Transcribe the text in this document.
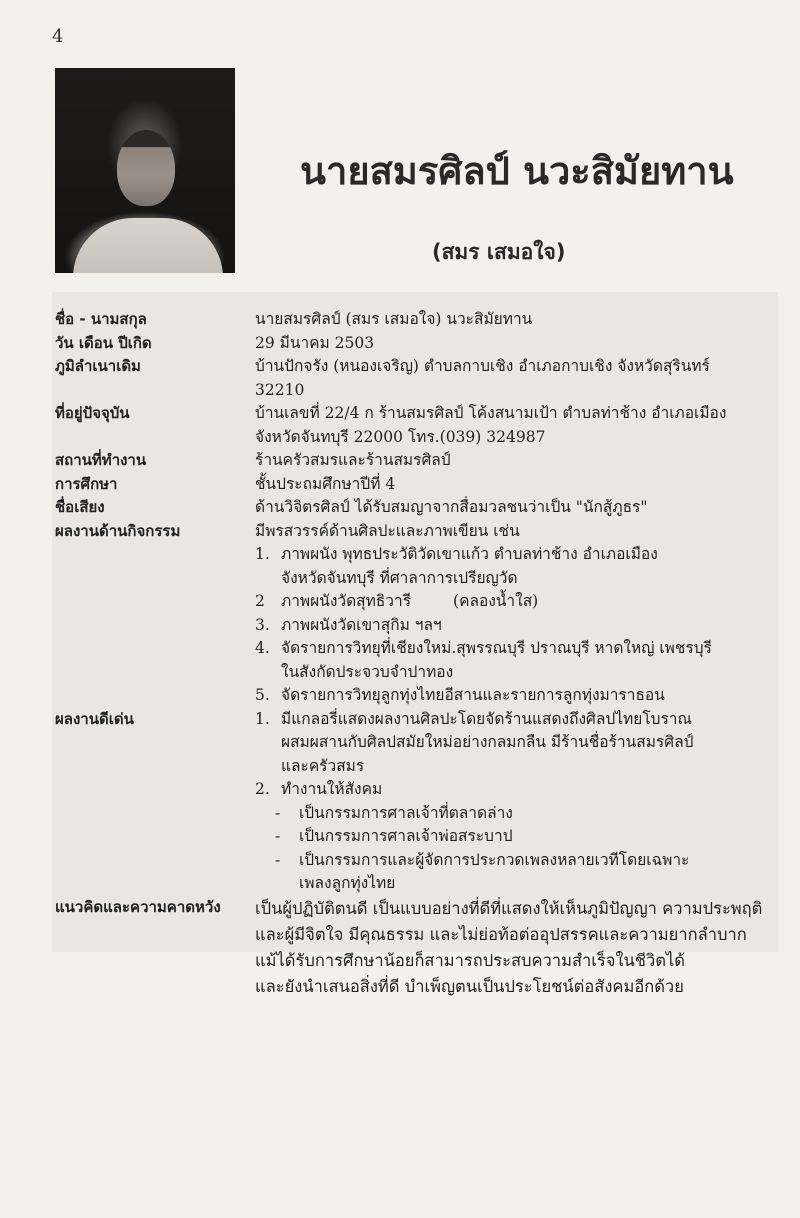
4
นายสมรศิลป์ นวะสิมัยทาน
(สมร เสมอใจ)
ชื่อ - นามสกุล	นายสมรศิลป์ (สมร เสมอใจ) นวะสิมัยทาน
วัน เดือน ปีเกิด	29 มีนาคม 2503
ภูมิลำเนาเดิม	บ้านปักจรัง (หนองเจริญ) ตำบลกาบเชิง อำเภอกาบเชิง จังหวัดสุรินทร์

32210

ที่อยู่ปัจจุบัน	บ้านเลขที่ 22/4 ก ร้านสมรศิลป์ โค้งสนามเป้า ตำบลท่าช้าง อำเภอเมือง

จังหวัดจันทบุรี 22000 โทร.(039) 324987

สถานที่ทำงาน	ร้านครัวสมรและร้านสมรศิลป์
การศึกษา	ชั้นประถมศึกษาปีที่ 4
ชื่อเสียง	ด้านวิจิตรศิลป์ ได้รับสมญาจากสื่อมวลชนว่าเป็น "นักสู้ภูธร"
ผลงานด้านกิจกรรม	มีพรสวรรค์ด้านศิลปะและภาพเขียน เช่น

1. ภาพผนัง พุทธประวัติวัดเขาแก้ว ตำบลท่าช้าง อำเภอเมือง

จังหวัดจันทบุรี ที่ศาลาการเปรียญวัด

2	ภาพผนังวัดสุทธิวารี	(คลองน้ำใส)

3. ภาพผนังวัดเขาสุกิม ฯลฯ

4. จัดรายการวิทยุที่เชียงใหม่.สุพรรณบุรี ปราณบุรี หาดใหญ่ เพชรบุรี

ในสังกัดประจวบจำปาทอง

5. จัดรายการวิทยุลูกทุ่งไทยอีสานและรายการลูกทุ่งมาราธอน

ผลงานดีเด่น	1. มีแกลอรี่แสดงผลงานศิลปะโดยจัดร้านแสดงถึงศิลปไทยโบราณ

ผสมผสานกับศิลปสมัยใหม่อย่างกลมกลืน มีร้านชื่อร้านสมรศิลป์

และครัวสมร

2. ทำงานให้สังคม

-	เป็นกรรมการศาลเจ้าที่ตลาดล่าง

-	เป็นกรรมการศาลเจ้าพ่อสระบาป

-	เป็นกรรมการและผู้จัดการประกวดเพลงหลายเวทีโดยเฉพาะ

เพลงลูกทุ่งไทย

แนวคิดและความคาดหวัง	เป็นผู้ปฏิบัติตนดี เป็นแบบอย่างที่ดีที่แสดงให้เห็นภูมิปัญญา ความประพฤติ

และผู้มีจิตใจ มีคุณธรรม และไม่ย่อท้อต่ออุปสรรคและความยากลำบาก

แม้ได้รับการศึกษาน้อยก็สามารถประสบความสำเร็จในชีวิตได้

และยังนำเสนอสิ่งที่ดี บำเพ็ญตนเป็นประโยชน์ต่อสังคมอีกด้วย
